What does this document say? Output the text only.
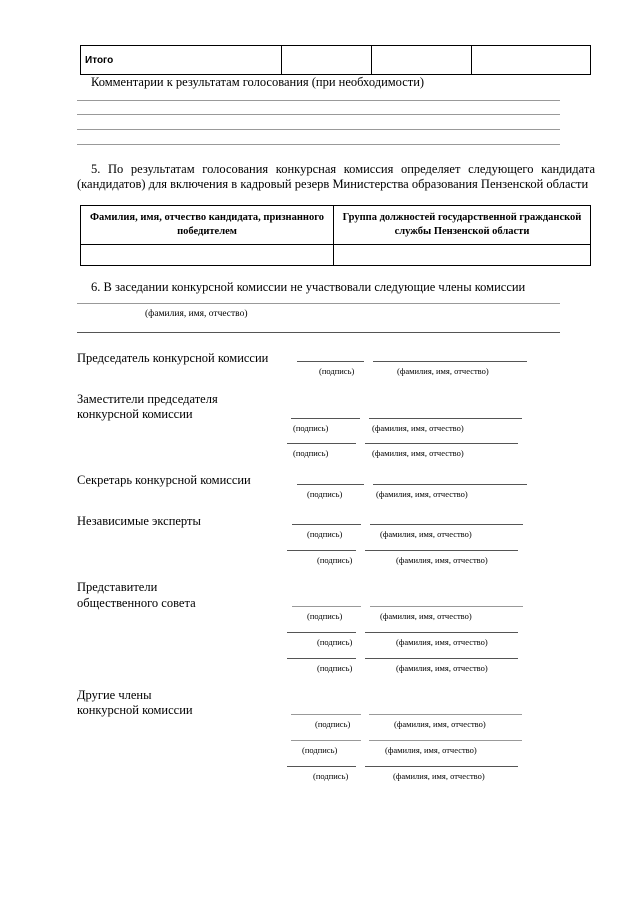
Итого			
Комментарии к результатам голосования (при необходимости)
5. По результатам голосования конкурсная комиссия определяет следующего кандидата (кандидатов) для включения в кадровый резерв Министерства образования Пензенской области
Фамилия, имя, отчество кандидата, признанного победителем	Группа должностей государственной гражданской службы Пензенской области

6. В заседании конкурсной комиссии не участвовали следующие члены комиссии
(фамилия, имя, отчество)
Председатель конкурсной комиссии
(подпись)	(фамилия, имя, отчество)
Заместители председателя
конкурсной комиссии
(подпись)	(фамилия, имя, отчество)
(подпись)	(фамилия, имя, отчество)
Секретарь конкурсной комиссии
(подпись)	(фамилия, имя, отчество)
Независимые эксперты
(подпись)	(фамилия, имя, отчество)
(подпись)	(фамилия, имя, отчество)
Представители
общественного совета
(подпись)	(фамилия, имя, отчество)
(подпись)	(фамилия, имя, отчество)
(подпись)	(фамилия, имя, отчество)
Другие члены
конкурсной комиссии
(подпись)	(фамилия, имя, отчество)
(подпись)	(фамилия, имя, отчество)
(подпись)	(фамилия, имя, отчество)
